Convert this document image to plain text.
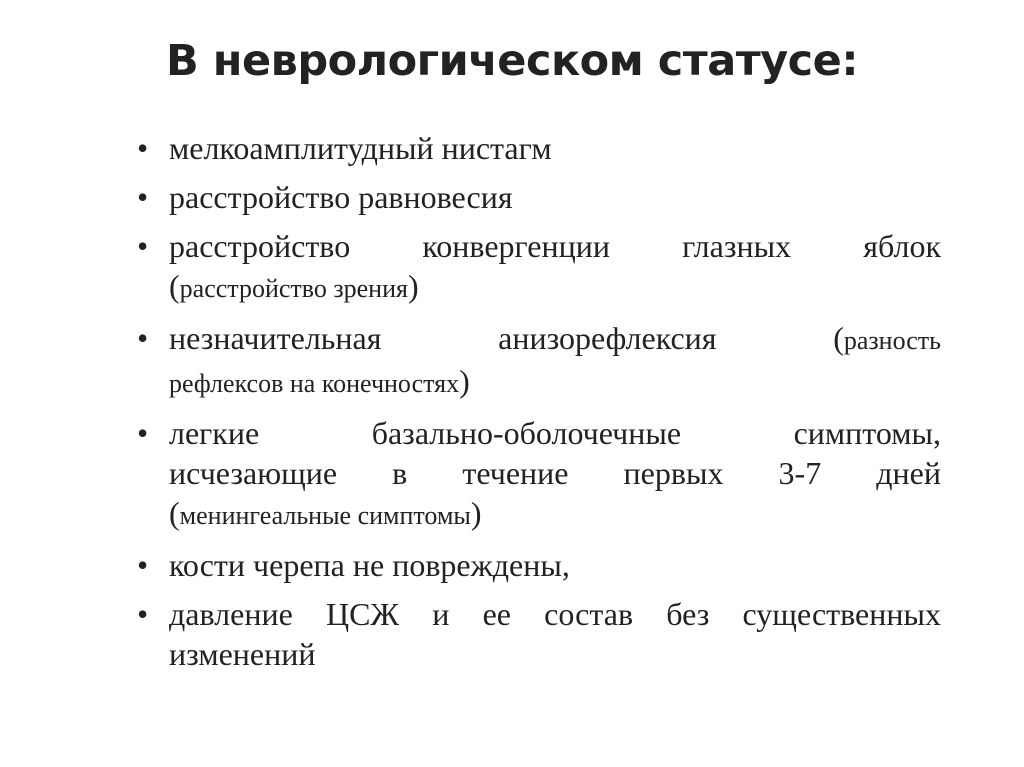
В неврологическом статусе:
• мелкоамплитудный нистагм
• расстройство равновесия
• расстройство конвергенции глазных яблок
(расстройство зрения)
• незначительная анизорефлексия	(разность
рефлексов на конечностях)
• легкие базально-оболочечные симптомы,
исчезающие в течение первых 3-7 дней
(менингеальные симптомы)
• кости черепа не повреждены,
• давление ЦСЖ и ее состав без существенных
изменений
